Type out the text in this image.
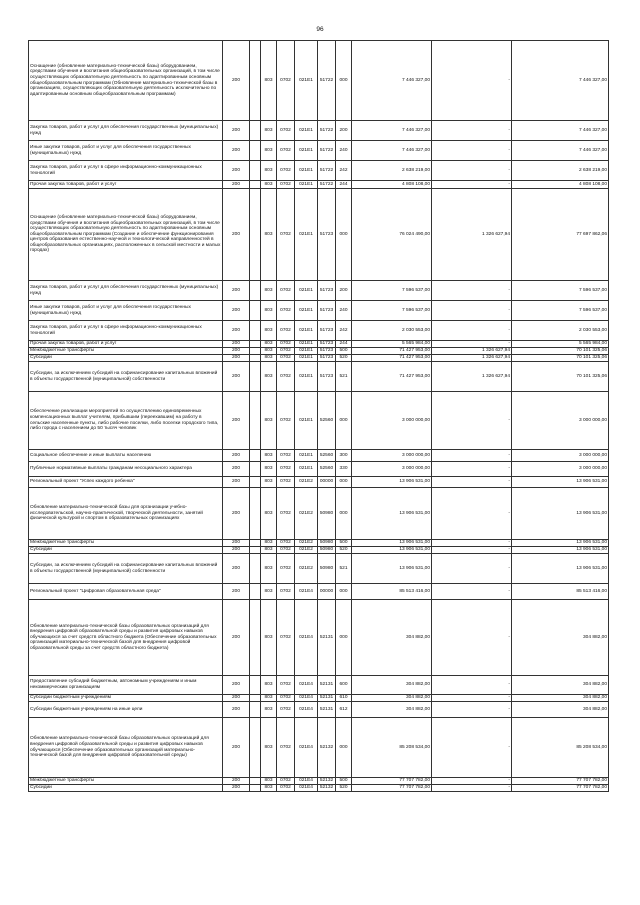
96
Оснащение (обновление материально-технической базы) оборудованием, средствами обучения и воспитания общеобразовательных организаций, в том числе осуществляющих образовательную деятельность по адаптированным основным общеобразовательным программам (Обновление материально-технической базы в организациях, осуществляющих образовательную деятельность исключительно по адаптированным основным общеобразовательным программам)	200		803	0702	021E1	51722	000	7 446 327,00	-	7 446 327,00
Закупка товаров, работ и услуг для обеспечения государственных (муниципальных) нужд	200		803	0702	021E1	51722	200	7 446 327,00	-	7 446 327,00
Иные закупки товаров, работ и услуг для обеспечения государственных (муниципальных) нужд	200		803	0702	021E1	51722	240	7 446 327,00	-	7 446 327,00
Закупка товаров, работ и услуг в сфере информационно-коммуникационных технологий	200		803	0702	021E1	51722	242	2 638 219,00	-	2 638 219,00
Прочая закупка товаров, работ и услуг	200		803	0702	021E1	51722	244	4 808 108,00	-	4 808 108,00
Оснащение (обновление материально-технической базы) оборудованием, средствами обучения и воспитания общеобразовательных организаций, в том числе осуществляющих образовательную деятельность по адаптированным основным общеобразовательным программам (Создание и обеспечение функционирования центров образования естественно-научной и технологической направленностей в общеобразовательных организациях, расположенных в сельской местности и малых городах)	200		803	0702	021E1	51723	000	76 024 490,00	1 326 627,94	77 697 862,06
Закупка товаров, работ и услуг для обеспечения государственных (муниципальных) нужд	200		803	0702	021E1	51723	200	7 596 537,00	-	7 596 537,00
Иные закупки товаров, работ и услуг для обеспечения государственных (муниципальных) нужд	200		803	0702	021E1	51723	240	7 596 537,00	-	7 596 537,00
Закупка товаров, работ и услуг в сфере информационно-коммуникационных технологий	200		803	0702	021E1	51723	242	2 030 553,00	-	2 030 553,00
Прочая закупка товаров, работ и услуг	200		803	0702	021E1	51723	244	5 565 984,00	-	5 565 984,00
Межбюджетные трансферты	200		803	0702	021E1	51723	500	71 427 953,00	1 326 627,94	70 101 325,06
Субсидии	200		803	0702	021E1	51723	520	71 427 953,00	1 326 627,94	70 101 325,06
Субсидии, за исключением субсидий на софинансирование капитальных вложений в объекты государственной (муниципальной) собственности	200		803	0702	021E1	51723	521	71 427 953,00	1 326 627,94	70 101 325,06
Обеспечение реализации мероприятий по осуществлению единовременных компенсационных выплат учителям, прибывшим (переехавшим) на работу в сельские населенные пункты, либо рабочие поселки, либо поселки городского типа, либо города с населением до 50 тысяч человек	200		803	0702	021E1	52560	000	3 000 000,00	-	3 000 000,00
Социальное обеспечение и иные выплаты населению	200		803	0702	021E1	52560	300	3 000 000,00	-	3 000 000,00
Публичные нормативные выплаты гражданам несоциального характера	200		803	0702	021E1	52560	330	3 000 000,00	-	3 000 000,00
Региональный проект "Успех каждого ребенка"	200		803	0702	021E2	00000	000	13 906 531,00	-	13 906 531,00
Обновление материально-технической базы для организации учебно-исследовательской, научно-практической, творческой деятельности, занятий физической культурой и спортом в образовательных организациях	200		803	0702	021E2	50980	000	13 906 531,00	-	13 906 531,00
Межбюджетные трансферты	200		803	0702	021E2	50980	500	13 906 531,00	-	13 906 531,00
Субсидии	200		803	0702	021E2	50980	520	13 906 531,00	-	13 906 531,00
Субсидии, за исключением субсидий на софинансирование капитальных вложений в объекты государственной (муниципальной) собственности	200		803	0702	021E2	50980	521	13 906 531,00	-	13 906 531,00
Региональный проект "Цифровая образовательная среда"	200		803	0702	021E4	00000	000	85 513 416,00	-	85 513 416,00
Обновление материально-технической базы образовательных организаций для внедрения цифровой образовательной среды и развития цифровых навыков обучающихся за счет средств областного бюджета (Обеспечение образовательных организаций материально-технической базой для внедрения цифровой образовательной среды за счет средств областного бюджета)	200		803	0702	021E4	52131	000	304 882,00	-	304 882,00
Предоставление субсидий бюджетным, автономным учреждениям и иным некоммерческим организациям	200		803	0702	021E4	52131	600	304 882,00	-	304 882,00
Субсидии бюджетным учреждениям	200		803	0702	021E4	52131	610	304 882,00	-	304 882,00
Субсидии бюджетным учреждениям на иные цели	200		803	0702	021E4	52131	612	304 882,00	-	304 882,00
Обновление материально-технической базы образовательных организаций для внедрения цифровой образовательной среды и развития цифровых навыков обучающихся (Обеспечение образовательных организаций материально-технической базой для внедрения цифровой образовательной среды)	200		803	0702	021E4	52132	000	85 208 534,00	-	85 208 534,00
Межбюджетные трансферты	200		803	0702	021E4	52132	500	77 707 782,00	-	77 707 782,00
Субсидии	200		803	0702	021E4	52132	520	77 707 782,00	-	77 707 782,00
